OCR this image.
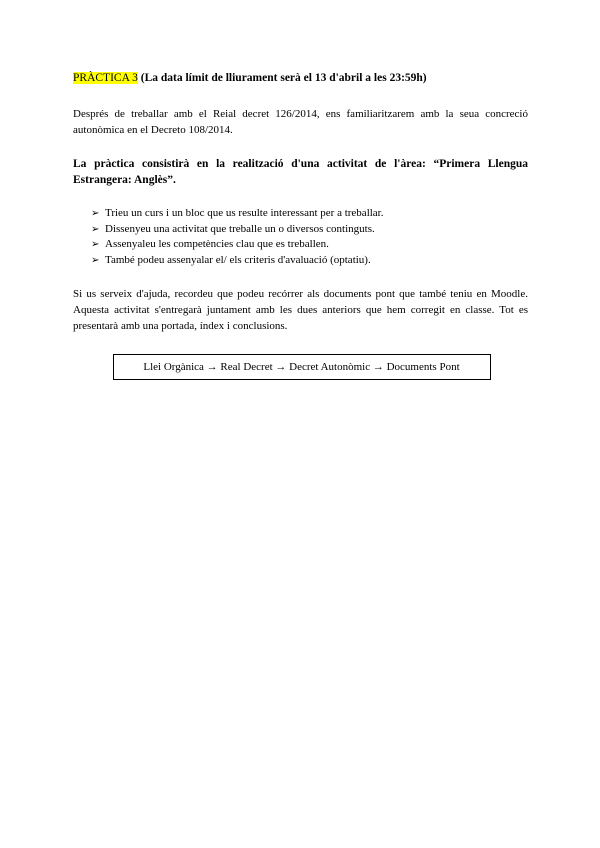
PRÀCTICA 3 (La data límit de lliurament serà el 13 d'abril a les 23:59h)

Després de treballar amb el Reial decret 126/2014, ens familiaritzarem amb la seua concreció autonòmica en el Decreto 108/2014.

La pràctica consistirà en la realització d'una activitat de l'àrea: “Primera Llengua Estrangera: Anglès”.

➢ Trieu un curs i un bloc que us resulte interessant per a treballar.
➢ Dissenyeu una activitat que treballe un o diversos continguts.
➢ Assenyaleu les competències clau que es treballen.
➢ També podeu assenyalar el/ els criteris d'avaluació (optatiu).

Si us serveix d'ajuda, recordeu que podeu recórrer als documents pont que també teniu en Moodle. Aquesta activitat s'entregarà juntament amb les dues anteriors que hem corregit en classe. Tot es presentarà amb una portada, índex i conclusions.

Llei Orgànica → Real Decret → Decret Autonòmic → Documents Pont
